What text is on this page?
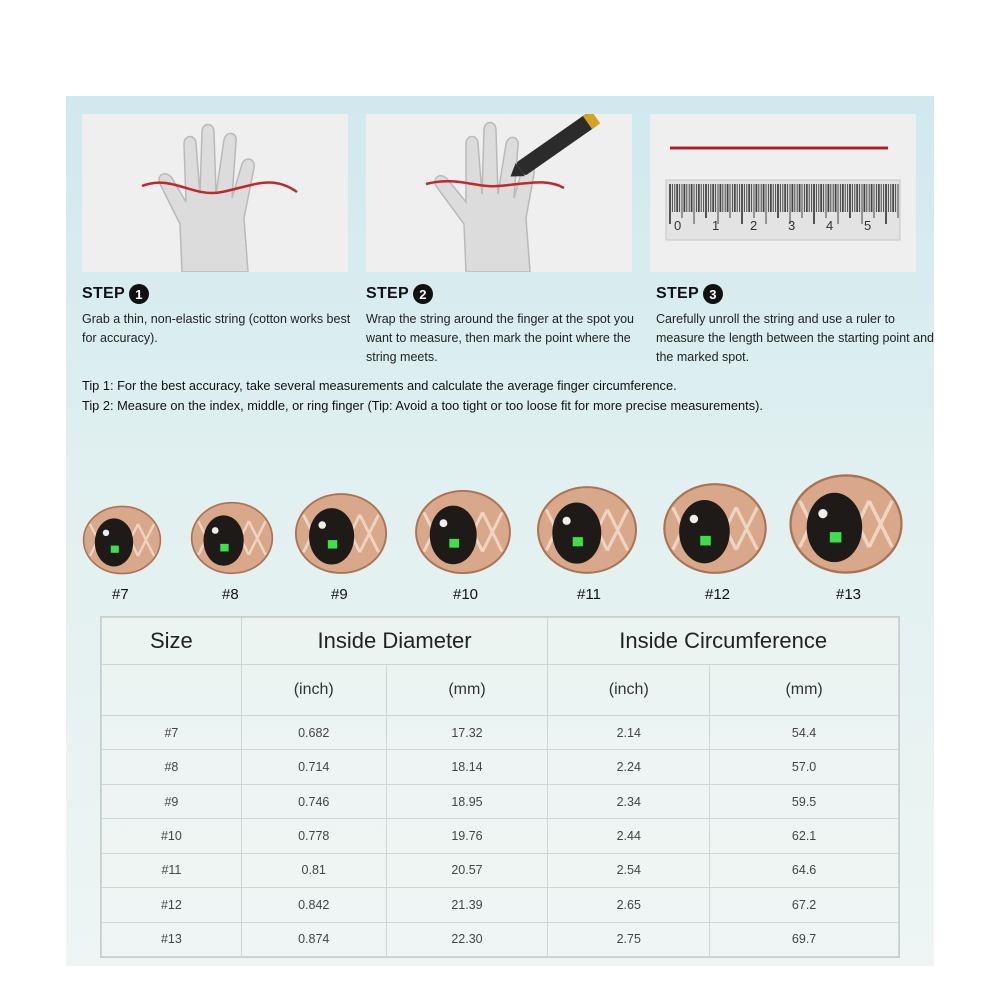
0 1 2 3 4 5
STEP 1
Grab a thin, non-elastic string (cotton works best for accuracy).
STEP 2
Wrap the string around the finger at the spot you want to measure, then mark the point where the string meets.
STEP 3
Carefully unroll the string and use a ruler to measure the length between the starting point and the marked spot.
Tip 1: For the best accuracy, take several measurements and calculate the average finger circumference.
Tip 2: Measure on the index, middle, or ring finger (Tip: Avoid a too tight or too loose fit for more precise measurements).
#7	#8	#9	#10	#11	#12	#13
Size	Inside Diameter		Inside Circumference	
	(inch)	(mm)	(inch)	(mm)
#7	0.682	17.32	2.14	54.4
#8	0.714	18.14	2.24	57.0
#9	0.746	18.95	2.34	59.5
#10	0.778	19.76	2.44	62.1
#11	0.81	20.57	2.54	64.6
#12	0.842	21.39	2.65	67.2
#13	0.874	22.30	2.75	69.7
